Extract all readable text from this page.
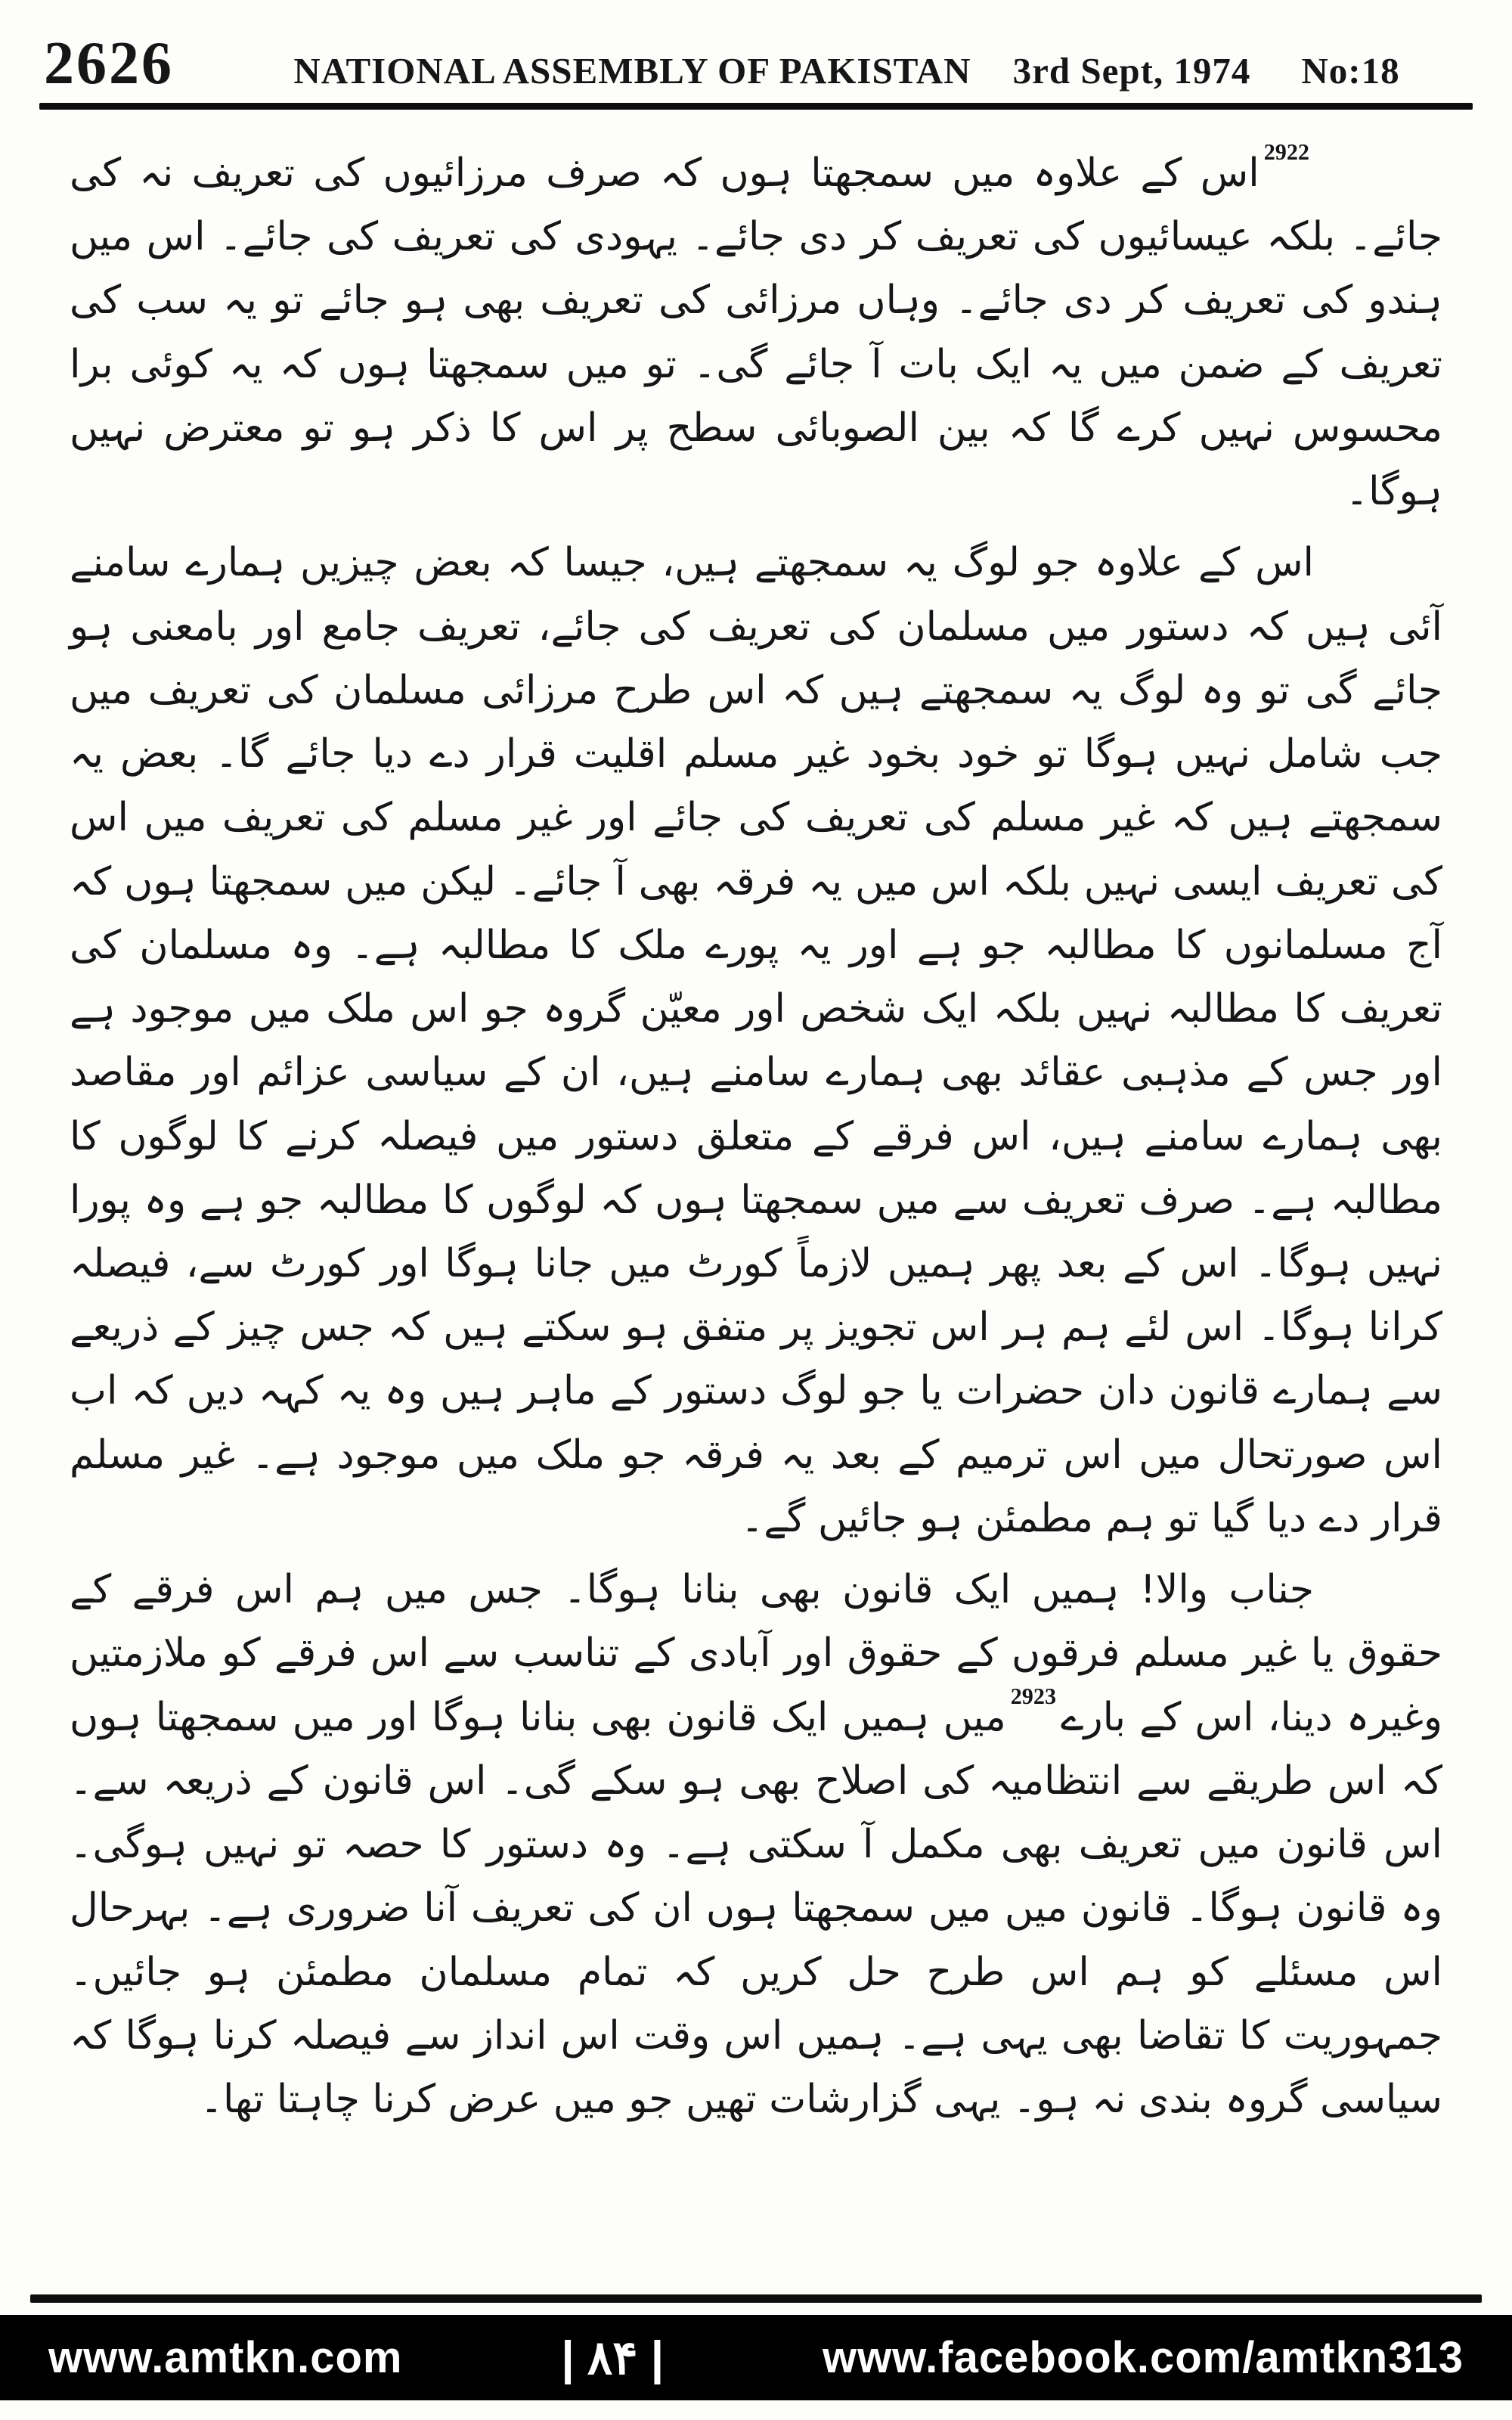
2626	NATIONAL ASSEMBLY OF PAKISTAN 3rd Sept, 1974 No:18

$^{2922}$اس کے علاوہ میں سمجھتا ہوں کہ صرف مرزائیوں کی تعریف نہ کی جائے۔ بلکہ عیسائیوں کی تعریف کر دی جائے۔ یہودی کی تعریف کی جائے۔ اس میں ہندو کی تعریف کر دی جائے۔ وہاں مرزائی کی تعریف بھی ہو جائے تو یہ سب کی تعریف کے ضمن میں یہ ایک بات آ جائے گی۔ تو میں سمجھتا ہوں کہ یہ کوئی برا محسوس نہیں کرے گا کہ بین الصوبائی سطح پر اس کا ذکر ہو تو معترض نہیں ہوگا۔

اس کے علاوہ جو لوگ یہ سمجھتے ہیں، جیسا کہ بعض چیزیں ہمارے سامنے آئی ہیں کہ دستور میں مسلمان کی تعریف کی جائے، تعریف جامع اور بامعنی ہو جائے گی تو وہ لوگ یہ سمجھتے ہیں کہ اس طرح مرزائی مسلمان کی تعریف میں جب شامل نہیں ہوگا تو خود بخود غیر مسلم اقلیت قرار دے دیا جائے گا۔ بعض یہ سمجھتے ہیں کہ غیر مسلم کی تعریف کی جائے اور غیر مسلم کی تعریف میں اس کی تعریف ایسی نہیں بلکہ اس میں یہ فرقہ بھی آ جائے۔ لیکن میں سمجھتا ہوں کہ آج مسلمانوں کا مطالبہ جو ہے اور یہ پورے ملک کا مطالبہ ہے۔ وہ مسلمان کی تعریف کا مطالبہ نہیں بلکہ ایک شخص اور معیّن گروہ جو اس ملک میں موجود ہے اور جس کے مذہبی عقائد بھی ہمارے سامنے ہیں، ان کے سیاسی عزائم اور مقاصد بھی ہمارے سامنے ہیں، اس فرقے کے متعلق دستور میں فیصلہ کرنے کا لوگوں کا مطالبہ ہے۔ صرف تعریف سے میں سمجھتا ہوں کہ لوگوں کا مطالبہ جو ہے وہ پورا نہیں ہوگا۔ اس کے بعد پھر ہمیں لازماً کورٹ میں جانا ہوگا اور کورٹ سے، فیصلہ کرانا ہوگا۔ اس لئے ہم ہر اس تجویز پر متفق ہو سکتے ہیں کہ جس چیز کے ذریعے سے ہمارے قانون دان حضرات یا جو لوگ دستور کے ماہر ہیں وہ یہ کہہ دیں کہ اب اس صورتحال میں اس ترمیم کے بعد یہ فرقہ جو ملک میں موجود ہے۔ غیر مسلم قرار دے دیا گیا تو ہم مطمئن ہو جائیں گے۔

جناب والا! ہمیں ایک قانون بھی بنانا ہوگا۔ جس میں ہم اس فرقے کے حقوق یا غیر مسلم فرقوں کے حقوق اور آبادی کے تناسب سے اس فرقے کو ملازمتیں وغیرہ دینا، اس کے بارے$^{2923}$میں ہمیں ایک قانون بھی بنانا ہوگا اور میں سمجھتا ہوں کہ اس طریقے سے انتظامیہ کی اصلاح بھی ہو سکے گی۔ اس قانون کے ذریعہ سے۔ اس قانون میں تعریف بھی مکمل آ سکتی ہے۔ وہ دستور کا حصہ تو نہیں ہوگی۔ وہ قانون ہوگا۔ قانون میں میں سمجھتا ہوں ان کی تعریف آنا ضروری ہے۔ بہرحال اس مسئلے کو ہم اس طرح حل کریں کہ تمام مسلمان مطمئن ہو جائیں۔ جمہوریت کا تقاضا بھی یہی ہے۔ ہمیں اس وقت اس انداز سے فیصلہ کرنا ہوگا کہ سیاسی گروہ بندی نہ ہو۔ یہی گزارشات تھیں جو میں عرض کرنا چاہتا تھا۔

www.amtkn.com	| ۸۴ |	www.facebook.com/amtkn313
